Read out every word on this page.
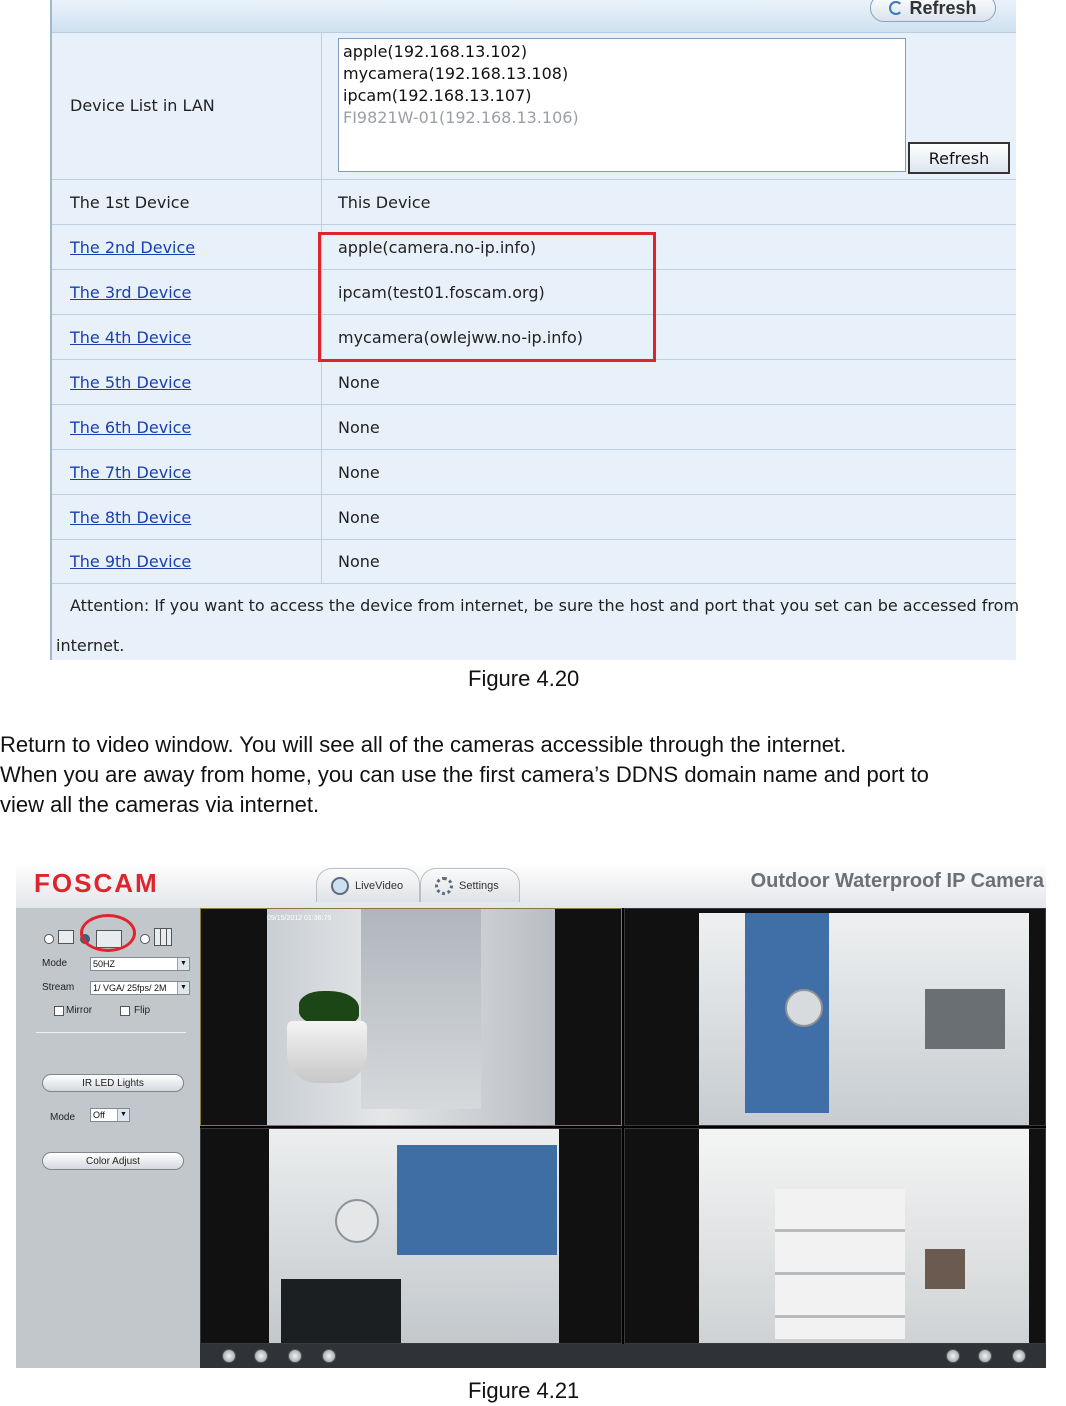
Refresh
Device List in LAN
apple(192.168.13.102)
mycamera(192.168.13.108)
ipcam(192.168.13.107)
FI9821W-01(192.168.13.106)
Refresh
The 1st Device	This Device
The 2nd Device	apple(camera.no-ip.info)
The 3rd Device	ipcam(test01.foscam.org)
The 4th Device	mycamera(owlejww.no-ip.info)
The 5th Device	None
The 6th Device	None
The 7th Device	None
The 8th Device	None
The 9th Device	None
Attention: If you want to access the device from internet, be sure the host and port that you set can be accessed from
internet.
Figure 4.20
Return to video window. You will see all of the cameras accessible through the internet.
When you are away from home, you can use the first camera’s DDNS domain name and port to
view all the cameras via internet.
FOSCAM	LiveVideo	Settings	Outdoor Waterproof IP Camera
Mode	50HZ	▼
Stream	1/ VGA/ 25fps/ 2M	▼
Mirror	Flip
IR LED Lights
Mode	Off	▼
Color Adjust
09/15/2012 01:36:75
Figure 4.21
